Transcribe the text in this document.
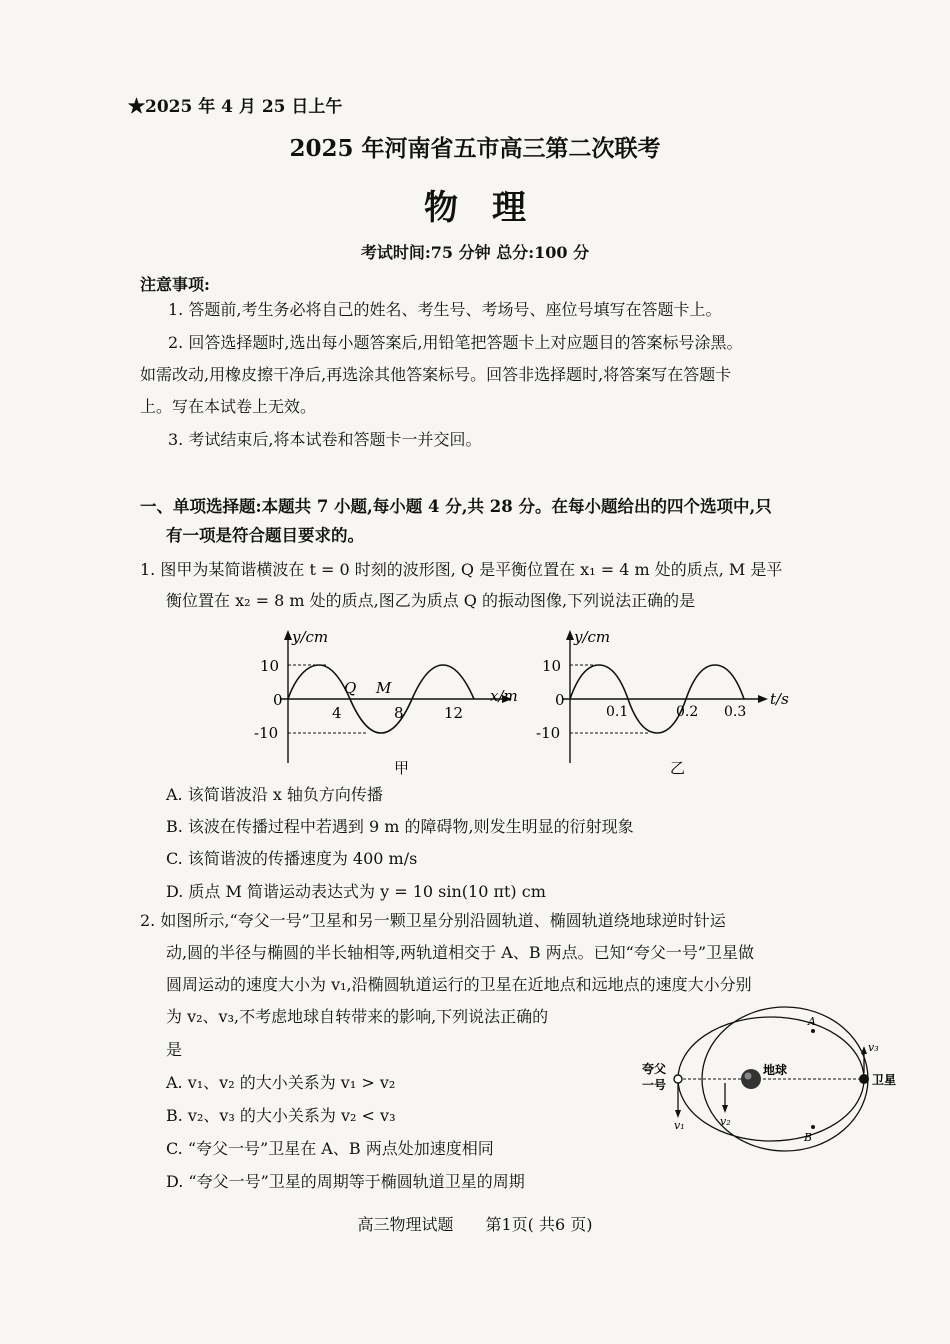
★2025 年 4 月 25 日上午
2025 年河南省五市高三第二次联考
物理
考试时间:75 分钟 总分:100 分
注意事项:
1. 答题前,考生务必将自己的姓名、考生号、考场号、座位号填写在答题卡上。
2. 回答选择题时,选出每小题答案后,用铅笔把答题卡上对应题目的答案标号涂黑。
如需改动,用橡皮擦干净后,再选涂其他答案标号。回答非选择题时,将答案写在答题卡
上。写在本试卷上无效。
3. 考试结束后,将本试卷和答题卡一并交回。
一、单项选择题:本题共 7 小题,每小题 4 分,共 28 分。在每小题给出的四个选项中,只
有一项是符合题目要求的。
1. 图甲为某简谐横波在 t = 0 时刻的波形图, Q 是平衡位置在 x₁ = 4 m 处的质点, M 是平
衡位置在 x₂ = 8 m 处的质点,图乙为质点 Q 的振动图像,下列说法正确的是
y/cm
10
0
-10
Q M
4	8	12
x/m
甲
y/cm
10
0
-10
0.1	0.2 0.3
t/s
乙
A. 该简谐波沿 x 轴负方向传播
B. 该波在传播过程中若遇到 9 m 的障碍物,则发生明显的衍射现象
C. 该简谐波的传播速度为 400 m/s
D. 质点 M 简谐运动表达式为 y = 10 sin(10 πt) cm
2. 如图所示,“夸父一号”卫星和另一颗卫星分别沿圆轨道、椭圆轨道绕地球逆时针运
动,圆的半径与椭圆的半长轴相等,两轨道相交于 A、B 两点。已知“夸父一号”卫星做
圆周运动的速度大小为 v₁,沿椭圆轨道运行的卫星在近地点和远地点的速度大小分别
为 v₂、v₃,不考虑地球自转带来的影响,下列说法正确的
是
A. v₁、v₂ 的大小关系为 v₁ > v₂
B. v₂、v₃ 的大小关系为 v₂ < v₃
C. “夸父一号”卫星在 A、B 两点处加速度相同
D. “夸父一号”卫星的周期等于椭圆轨道卫星的周期
地球
夸父
一号	卫星
v₁	v₂
v₃
A
B
高三物理试题　　第1页( 共6 页)
